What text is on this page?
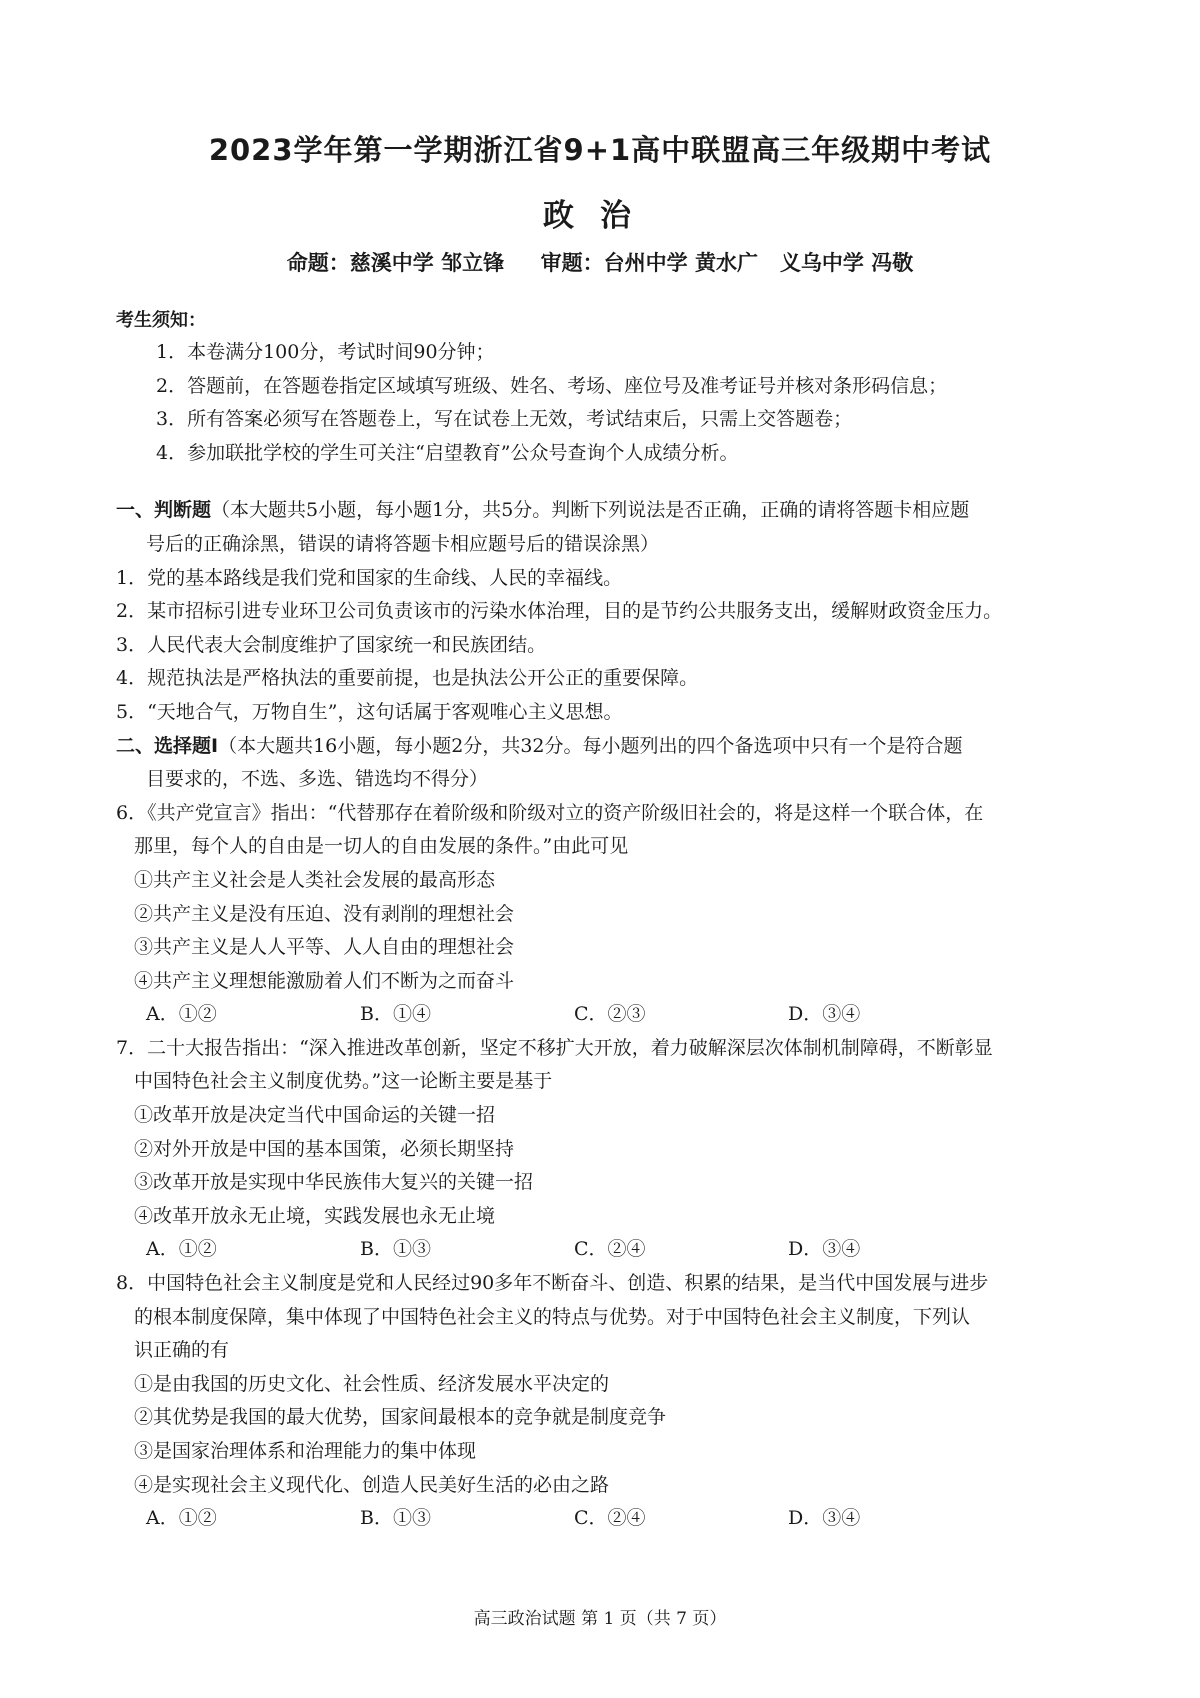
2023学年第一学期浙江省9+1高中联盟高三年级期中考试
政治
命题：慈溪中学 邹立锋     审题：台州中学 黄水广   义乌中学 冯敬
考生须知：
1．本卷满分100分，考试时间90分钟；
2．答题前，在答题卷指定区域填写班级、姓名、考场、座位号及准考证号并核对条形码信息；
3．所有答案必须写在答题卷上，写在试卷上无效，考试结束后，只需上交答题卷；
4．参加联批学校的学生可关注“启望教育”公众号查询个人成绩分析。
一、判断题（本大题共5小题，每小题1分，共5分。判断下列说法是否正确，正确的请将答题卡相应题
号后的正确涂黑，错误的请将答题卡相应题号后的错误涂黑）
1．党的基本路线是我们党和国家的生命线、人民的幸福线。
2．某市招标引进专业环卫公司负责该市的污染水体治理，目的是节约公共服务支出，缓解财政资金压力。
3．人民代表大会制度维护了国家统一和民族团结。
4．规范执法是严格执法的重要前提，也是执法公开公正的重要保障。
5．“天地合气，万物自生”，这句话属于客观唯心主义思想。
二、选择题Ⅰ（本大题共16小题，每小题2分，共32分。每小题列出的四个备选项中只有一个是符合题
目要求的，不选、多选、错选均不得分）
6．《共产党宣言》指出：“代替那存在着阶级和阶级对立的资产阶级旧社会的，将是这样一个联合体，在
那里，每个人的自由是一切人的自由发展的条件。”由此可见
①共产主义社会是人类社会发展的最高形态
②共产主义是没有压迫、没有剥削的理想社会
③共产主义是人人平等、人人自由的理想社会
④共产主义理想能激励着人们不断为之而奋斗
A．①②	B．①④	C．②③	D．③④
7．二十大报告指出：“深入推进改革创新，坚定不移扩大开放，着力破解深层次体制机制障碍，不断彰显
中国特色社会主义制度优势。”这一论断主要是基于
①改革开放是决定当代中国命运的关键一招
②对外开放是中国的基本国策，必须长期坚持
③改革开放是实现中华民族伟大复兴的关键一招
④改革开放永无止境，实践发展也永无止境
A．①②	B．①③	C．②④	D．③④
8．中国特色社会主义制度是党和人民经过90多年不断奋斗、创造、积累的结果，是当代中国发展与进步
的根本制度保障，集中体现了中国特色社会主义的特点与优势。对于中国特色社会主义制度，下列认
识正确的有
①是由我国的历史文化、社会性质、经济发展水平决定的
②其优势是我国的最大优势，国家间最根本的竞争就是制度竞争
③是国家治理体系和治理能力的集中体现
④是实现社会主义现代化、创造人民美好生活的必由之路
A．①②	B．①③	C．②④	D．③④
高三政治试题 第 1 页（共 7 页）
